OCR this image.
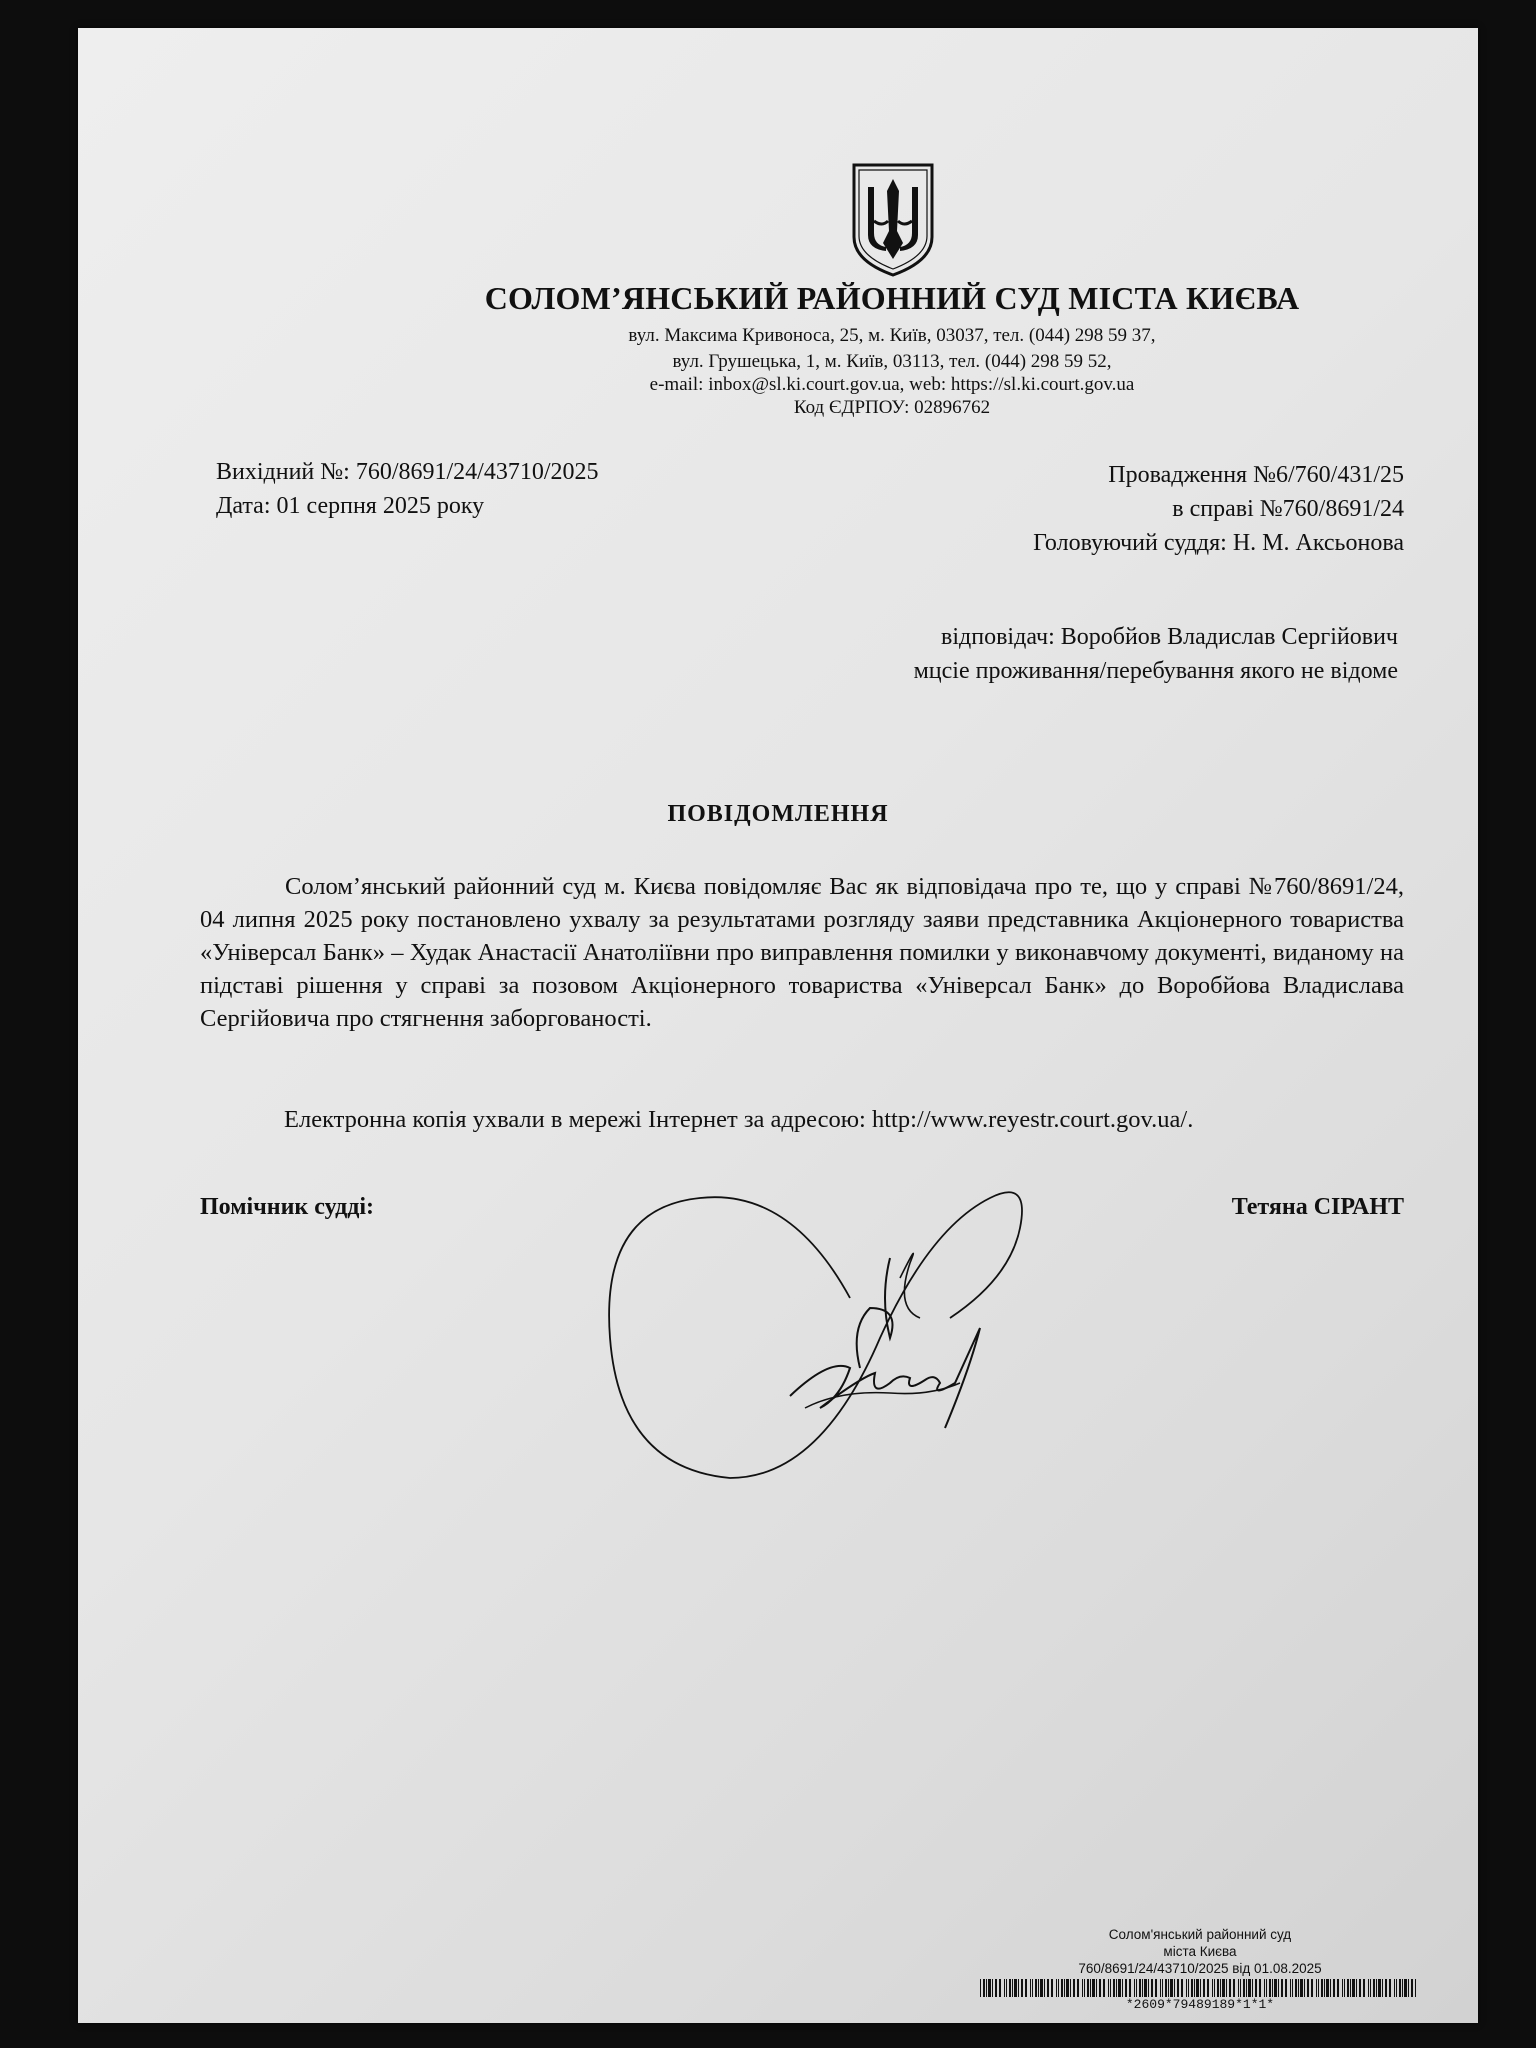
СОЛОМ’ЯНСЬКИЙ РАЙОННИЙ СУД МІСТА КИЄВА
вул. Максима Кривоноса, 25, м. Київ, 03037, тел. (044) 298 59 37,
вул. Грушецька, 1, м. Київ, 03113, тел. (044) 298 59 52,
e-mail: inbox@sl.ki.court.gov.ua, web: https://sl.ki.court.gov.ua
Код ЄДРПОУ: 02896762
Вихідний №: 760/8691/24/43710/2025
Дата: 01 серпня 2025 року
Провадження №6/760/431/25
в справі №760/8691/24
Головуючий суддя: Н. М. Аксьонова
відповідач: Воробйов Владислав Сергійович
мцсіе проживання/перебування якого не відоме
ПОВІДОМЛЕННЯ
Солом’янський районний суд м. Києва повідомляє Вас як відповідача про те, що у справі №760/8691/24, 04 липня 2025 року постановлено ухвалу за результатами розгляду заяви представника Акціонерного товариства «Універсал Банк» – Худак Анастасії Анатоліївни про виправлення помилки у виконавчому документі, виданому на підставі рішення у справі за позовом Акціонерного товариства «Універсал Банк» до Воробйова Владислава Сергійовича про стягнення заборгованості.
Електронна копія ухвали в мережі Інтернет за адресою: http://www.reyestr.court.gov.ua/.
Помічник судді:	Тетяна СІРАНТ
Солом'янський районний суд
міста Києва
760/8691/24/43710/2025 від 01.08.2025
*2609*79489189*1*1*
